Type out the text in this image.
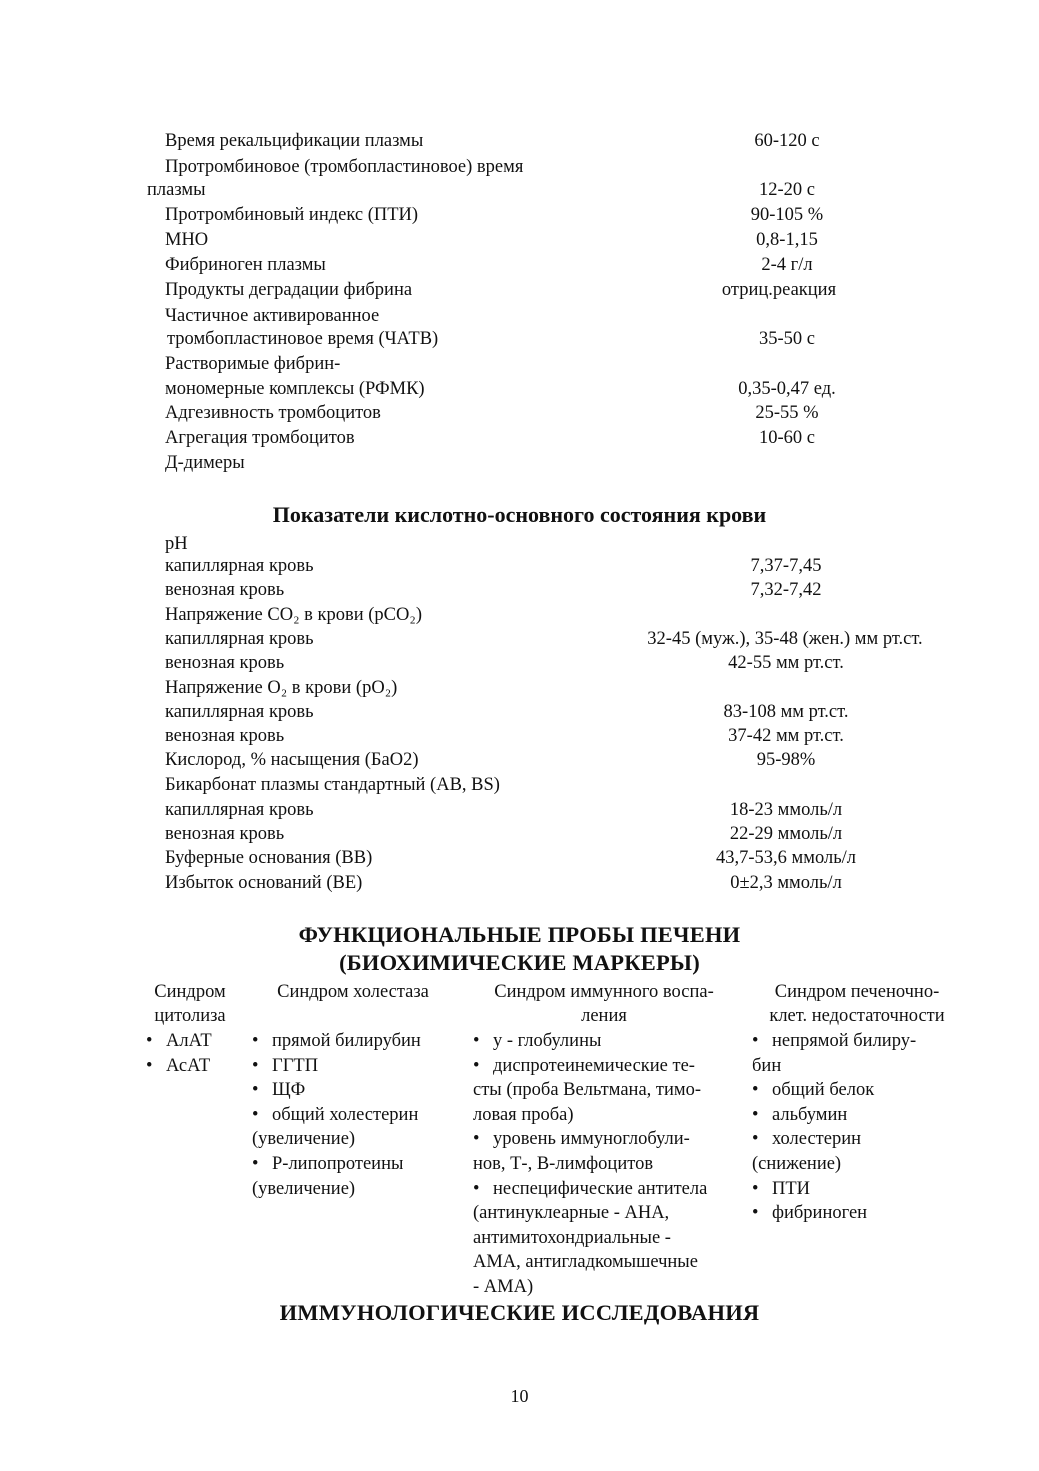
Время рекальцификации плазмы	60-120 с
Протромбиновое (тромбопластиновое) время
плазмы	12-20 с
Протромбиновый индекс (ПТИ)	90-105 %
МНО	0,8-1,15
Фибриноген плазмы	2-4 г/л
Продукты деградации фибрина	отриц.реакция
Частичное активированное
тромбопластиновое время (ЧАТВ)	35-50 с
Растворимые фибрин-
мономерные комплексы (РФМК)	0,35-0,47 ед.
Адгезивность тромбоцитов	25-55 %
Агрегация тромбоцитов	10-60 с
Д-димеры
Показатели кислотно-основного состояния крови
pH
капиллярная кровь	7,37-7,45
венозная кровь	7,32-7,42
Напряжение CO₂ в крови (pCO₂)
капиллярная кровь	32-45 (муж.), 35-48 (жен.) мм рт.ст.
венозная кровь	42-55 мм рт.ст.
Напряжение O₂ в крови (pO₂)
капиллярная кровь	83-108 мм рт.ст.
венозная кровь	37-42 мм рт.ст.
Кислород, % насыщения (БаО2)	95-98%
Бикарбонат плазмы стандартный (AB, BS)
капиллярная кровь	18-23 ммоль/л
венозная кровь	22-29 ммоль/л
Буферные основания (ВВ)	43,7-53,6 ммоль/л
Избыток оснований (ВЕ)	0±2,3 ммоль/л
ФУНКЦИОНАЛЬНЫЕ ПРОБЫ ПЕЧЕНИ
(БИОХИМИЧЕСКИЕ МАРКЕРЫ)
Синдром
цитолиза
• АлАТ
• АсАТ
Синдром холестаза
• прямой билирубин
• ГГТП
• ЩФ
• общий холестерин
(увеличение)
• Р-липопротеины
(увеличение)
Синдром иммунного воспа-
ления
• у - глобулины
• диспротеинемические те-
сты (проба Вельтмана, тимо-
ловая проба)
• уровень иммуноглобули-
нов, Т-, В-лимфоцитов
• неспецифические антитела
(антинуклеарные - АНА,
антимитохондриальные -
АМА, антигладкомышечные
- АМА)
Синдром печеночно-
клет. недостаточности
• непрямой билиру-
бин
• общий белок
• альбумин
• холестерин
(снижение)
• ПТИ
• фибриноген
ИММУНОЛОГИЧЕСКИЕ ИССЛЕДОВАНИЯ
10
